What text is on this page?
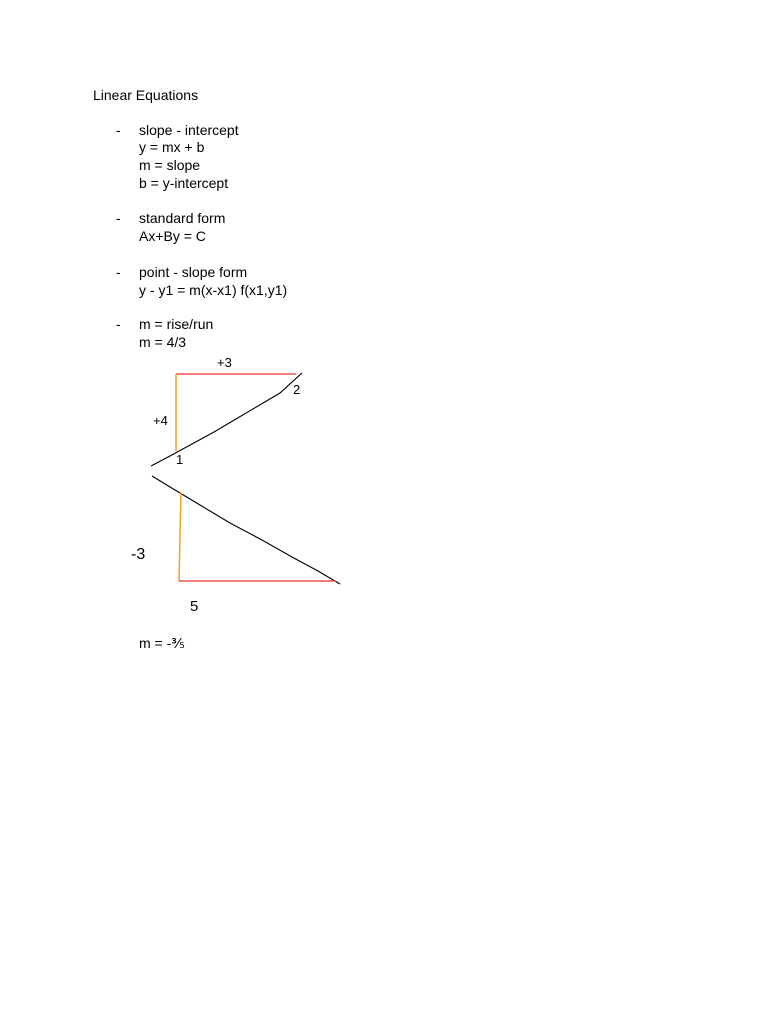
Linear Equations
- slope - intercept
y = mx + b
m = slope
b = y-intercept
- standard form
Ax+By = C
- point - slope form
y - y1 = m(x-x1) f(x1,y1)
- m = rise/run
m = 4/3
+3
2
+4
1
-3
5
m = -⅗
